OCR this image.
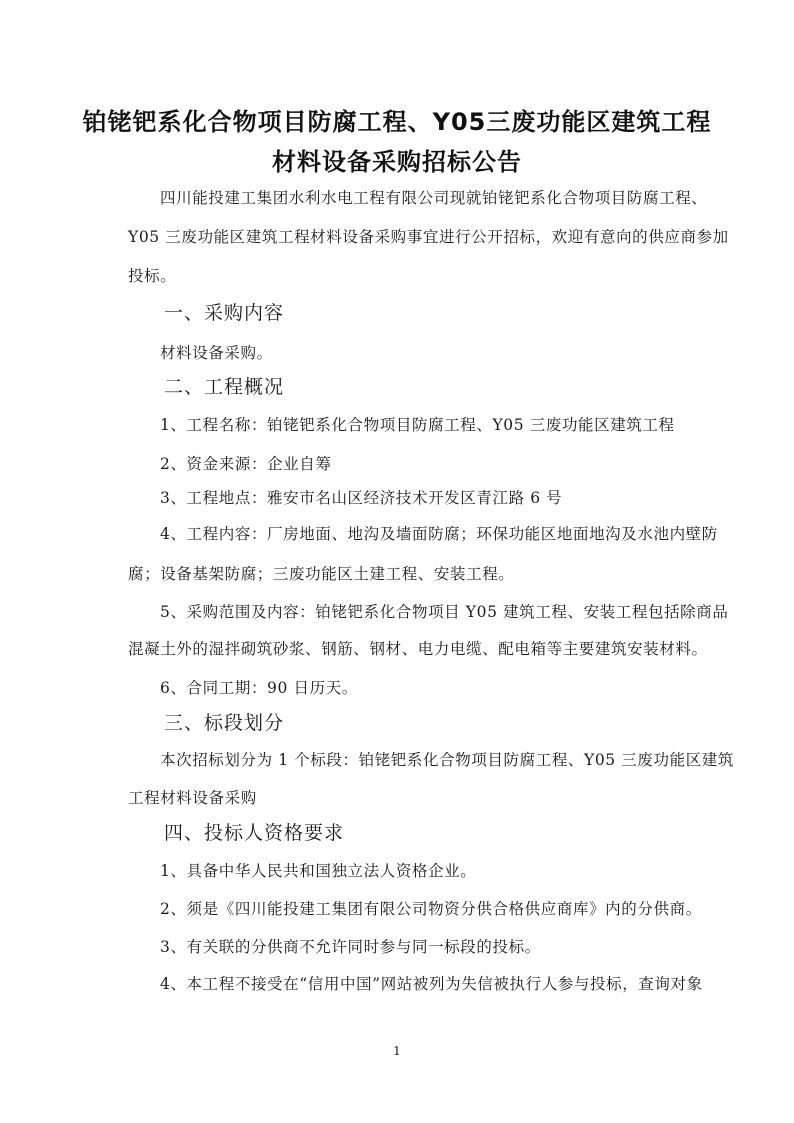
铂铑钯系化合物项目防腐工程、Y05三废功能区建筑工程
材料设备采购招标公告
四川能投建工集团水利水电工程有限公司现就铂铑钯系化合物项目防腐工程、
Y05 三废功能区建筑工程材料设备采购事宜进行公开招标，欢迎有意向的供应商参加
投标。
一、采购内容
材料设备采购。
二、工程概况
1、工程名称：铂铑钯系化合物项目防腐工程、Y05 三废功能区建筑工程
2、资金来源：企业自筹
3、工程地点：雅安市名山区经济技术开发区青江路 6 号
4、工程内容：厂房地面、地沟及墙面防腐；环保功能区地面地沟及水池内壁防
腐；设备基架防腐；三废功能区土建工程、安装工程。
5、采购范围及内容：铂铑钯系化合物项目 Y05 建筑工程、安装工程包括除商品
混凝土外的湿拌砌筑砂浆、钢筋、钢材、电力电缆、配电箱等主要建筑安装材料。
6、合同工期：90 日历天。
三、标段划分
本次招标划分为 1 个标段：铂铑钯系化合物项目防腐工程、Y05 三废功能区建筑
工程材料设备采购
四、投标人资格要求
1、具备中华人民共和国独立法人资格企业。
2、须是《四川能投建工集团有限公司物资分供合格供应商库》内的分供商。
3、有关联的分供商不允许同时参与同一标段的投标。
4、本工程不接受在“信用中国”网站被列为失信被执行人参与投标，查询对象
1
